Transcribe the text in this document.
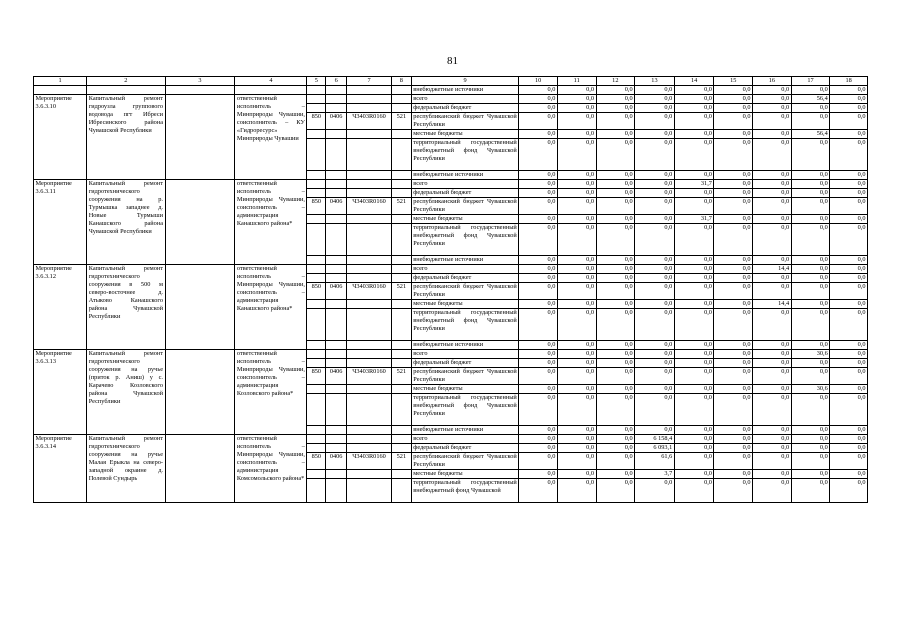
81
1	2	3	4	5	6	7	8	9	10	11	12	13	14	15	16	17	18
								внебюджетные источники	0,0	0,0	0,0	0,0	0,0	0,0	0,0	0,0	0,0
Мероприятие 3.6.3.10	Капитальный ремонт гидроузла группового водовода пгт Ибреси Ибресинского района Чувашской Республики		ответственный исполнитель – Минприроды Чувашии, соисполнитель – КУ «Гидроресурс» Минприроды Чувашии					всего	0,0	0,0	0,0	0,0	0,0	0,0	0,0	56,4	0,0
								федеральный бюджет	0,0	0,0	0,0	0,0	0,0	0,0	0,0	0,0	0,0
				850	0406	Ч3403R0160	521	республиканский бюджет Чувашской Республики	0,0	0,0	0,0	0,0	0,0	0,0	0,0	0,0	0,0
								местные бюджеты	0,0	0,0	0,0	0,0	0,0	0,0	0,0	56,4	0,0
								территориальный государственный внебюджетный фонд Чувашской Республики	0,0	0,0	0,0	0,0	0,0	0,0	0,0	0,0	0,0
								внебюджетные источники	0,0	0,0	0,0	0,0	0,0	0,0	0,0	0,0	0,0
Мероприятие 3.6.3.11	Капитальный ремонт гидротехнического сооружения на р. Турмышка западнее д. Новые Турмыши Канашского района Чувашской Республики		ответственный исполнитель – Минприроды Чувашии, соисполнитель – администрация Канашского района*					всего	0,0	0,0	0,0	0,0	31,7	0,0	0,0	0,0	0,0
								федеральный бюджет	0,0	0,0	0,0	0,0	0,0	0,0	0,0	0,0	0,0
				850	0406	Ч3403R0160	521	республиканский бюджет Чувашской Республики	0,0	0,0	0,0	0,0	0,0	0,0	0,0	0,0	0,0
								местные бюджеты	0,0	0,0	0,0	0,0	31,7	0,0	0,0	0,0	0,0
								территориальный государственный внебюджетный фонд Чувашской Республики	0,0	0,0	0,0	0,0	0,0	0,0	0,0	0,0	0,0
								внебюджетные источники	0,0	0,0	0,0	0,0	0,0	0,0	0,0	0,0	0,0
Мероприятие 3.6.3.12	Капитальный ремонт гидротехнического сооружения в 500 м северо-восточнее д. Атыково Канашского района Чувашской Республики		ответственный исполнитель – Минприроды Чувашии, соисполнитель – администрация Канашского района*					всего	0,0	0,0	0,0	0,0	0,0	0,0	14,4	0,0	0,0
								федеральный бюджет	0,0	0,0	0,0	0,0	0,0	0,0	0,0	0,0	0,0
				850	0406	Ч3403R0160	521	республиканский бюджет Чувашской Республики	0,0	0,0	0,0	0,0	0,0	0,0	0,0	0,0	0,0
								местные бюджеты	0,0	0,0	0,0	0,0	0,0	0,0	14,4	0,0	0,0
								территориальный государственный внебюджетный фонд Чувашской Республики	0,0	0,0	0,0	0,0	0,0	0,0	0,0	0,0	0,0
								внебюджетные источники	0,0	0,0	0,0	0,0	0,0	0,0	0,0	0,0	0,0
Мероприятие 3.6.3.13	Капитальный ремонт гидротехнического сооружения на ручье (приток р. Аниш) у с. Карачево Козловского района Чувашской Республики		ответственный исполнитель – Минприроды Чувашии, соисполнитель – администрация Козловского района*					всего	0,0	0,0	0,0	0,0	0,0	0,0	0,0	30,6	0,0
								федеральный бюджет	0,0	0,0	0,0	0,0	0,0	0,0	0,0	0,0	0,0
				850	0406	Ч3403R0160	521	республиканский бюджет Чувашской Республики	0,0	0,0	0,0	0,0	0,0	0,0	0,0	0,0	0,0
								местные бюджеты	0,0	0,0	0,0	0,0	0,0	0,0	0,0	30,6	0,0
								территориальный государственный внебюджетный фонд Чувашской Республики	0,0	0,0	0,0	0,0	0,0	0,0	0,0	0,0	0,0
								внебюджетные источники	0,0	0,0	0,0	0,0	0,0	0,0	0,0	0,0	0,0
Мероприятие 3.6.3.14	Капитальный ремонт гидротехнического сооружения на ручье Малая Ерыкла на северо-западной окраине д. Полевой Сундырь		ответственный исполнитель – Минприроды Чувашии, соисполнитель – администрация Комсомольского района*					всего	0,0	0,0	0,0	6 158,4	0,0	0,0	0,0	0,0	0,0
								федеральный бюджет	0,0	0,0	0,0	6 093,1	0,0	0,0	0,0	0,0	0,0
				850	0406	Ч3403R0160	521	республиканский бюджет Чувашской Республики	0,0	0,0	0,0	61,6	0,0	0,0	0,0	0,0	0,0
								местные бюджеты	0,0	0,0	0,0	3,7	0,0	0,0	0,0	0,0	0,0
								территориальный государственный внебюджетный фонд Чувашской	0,0	0,0	0,0	0,0	0,0	0,0	0,0	0,0	0,0
